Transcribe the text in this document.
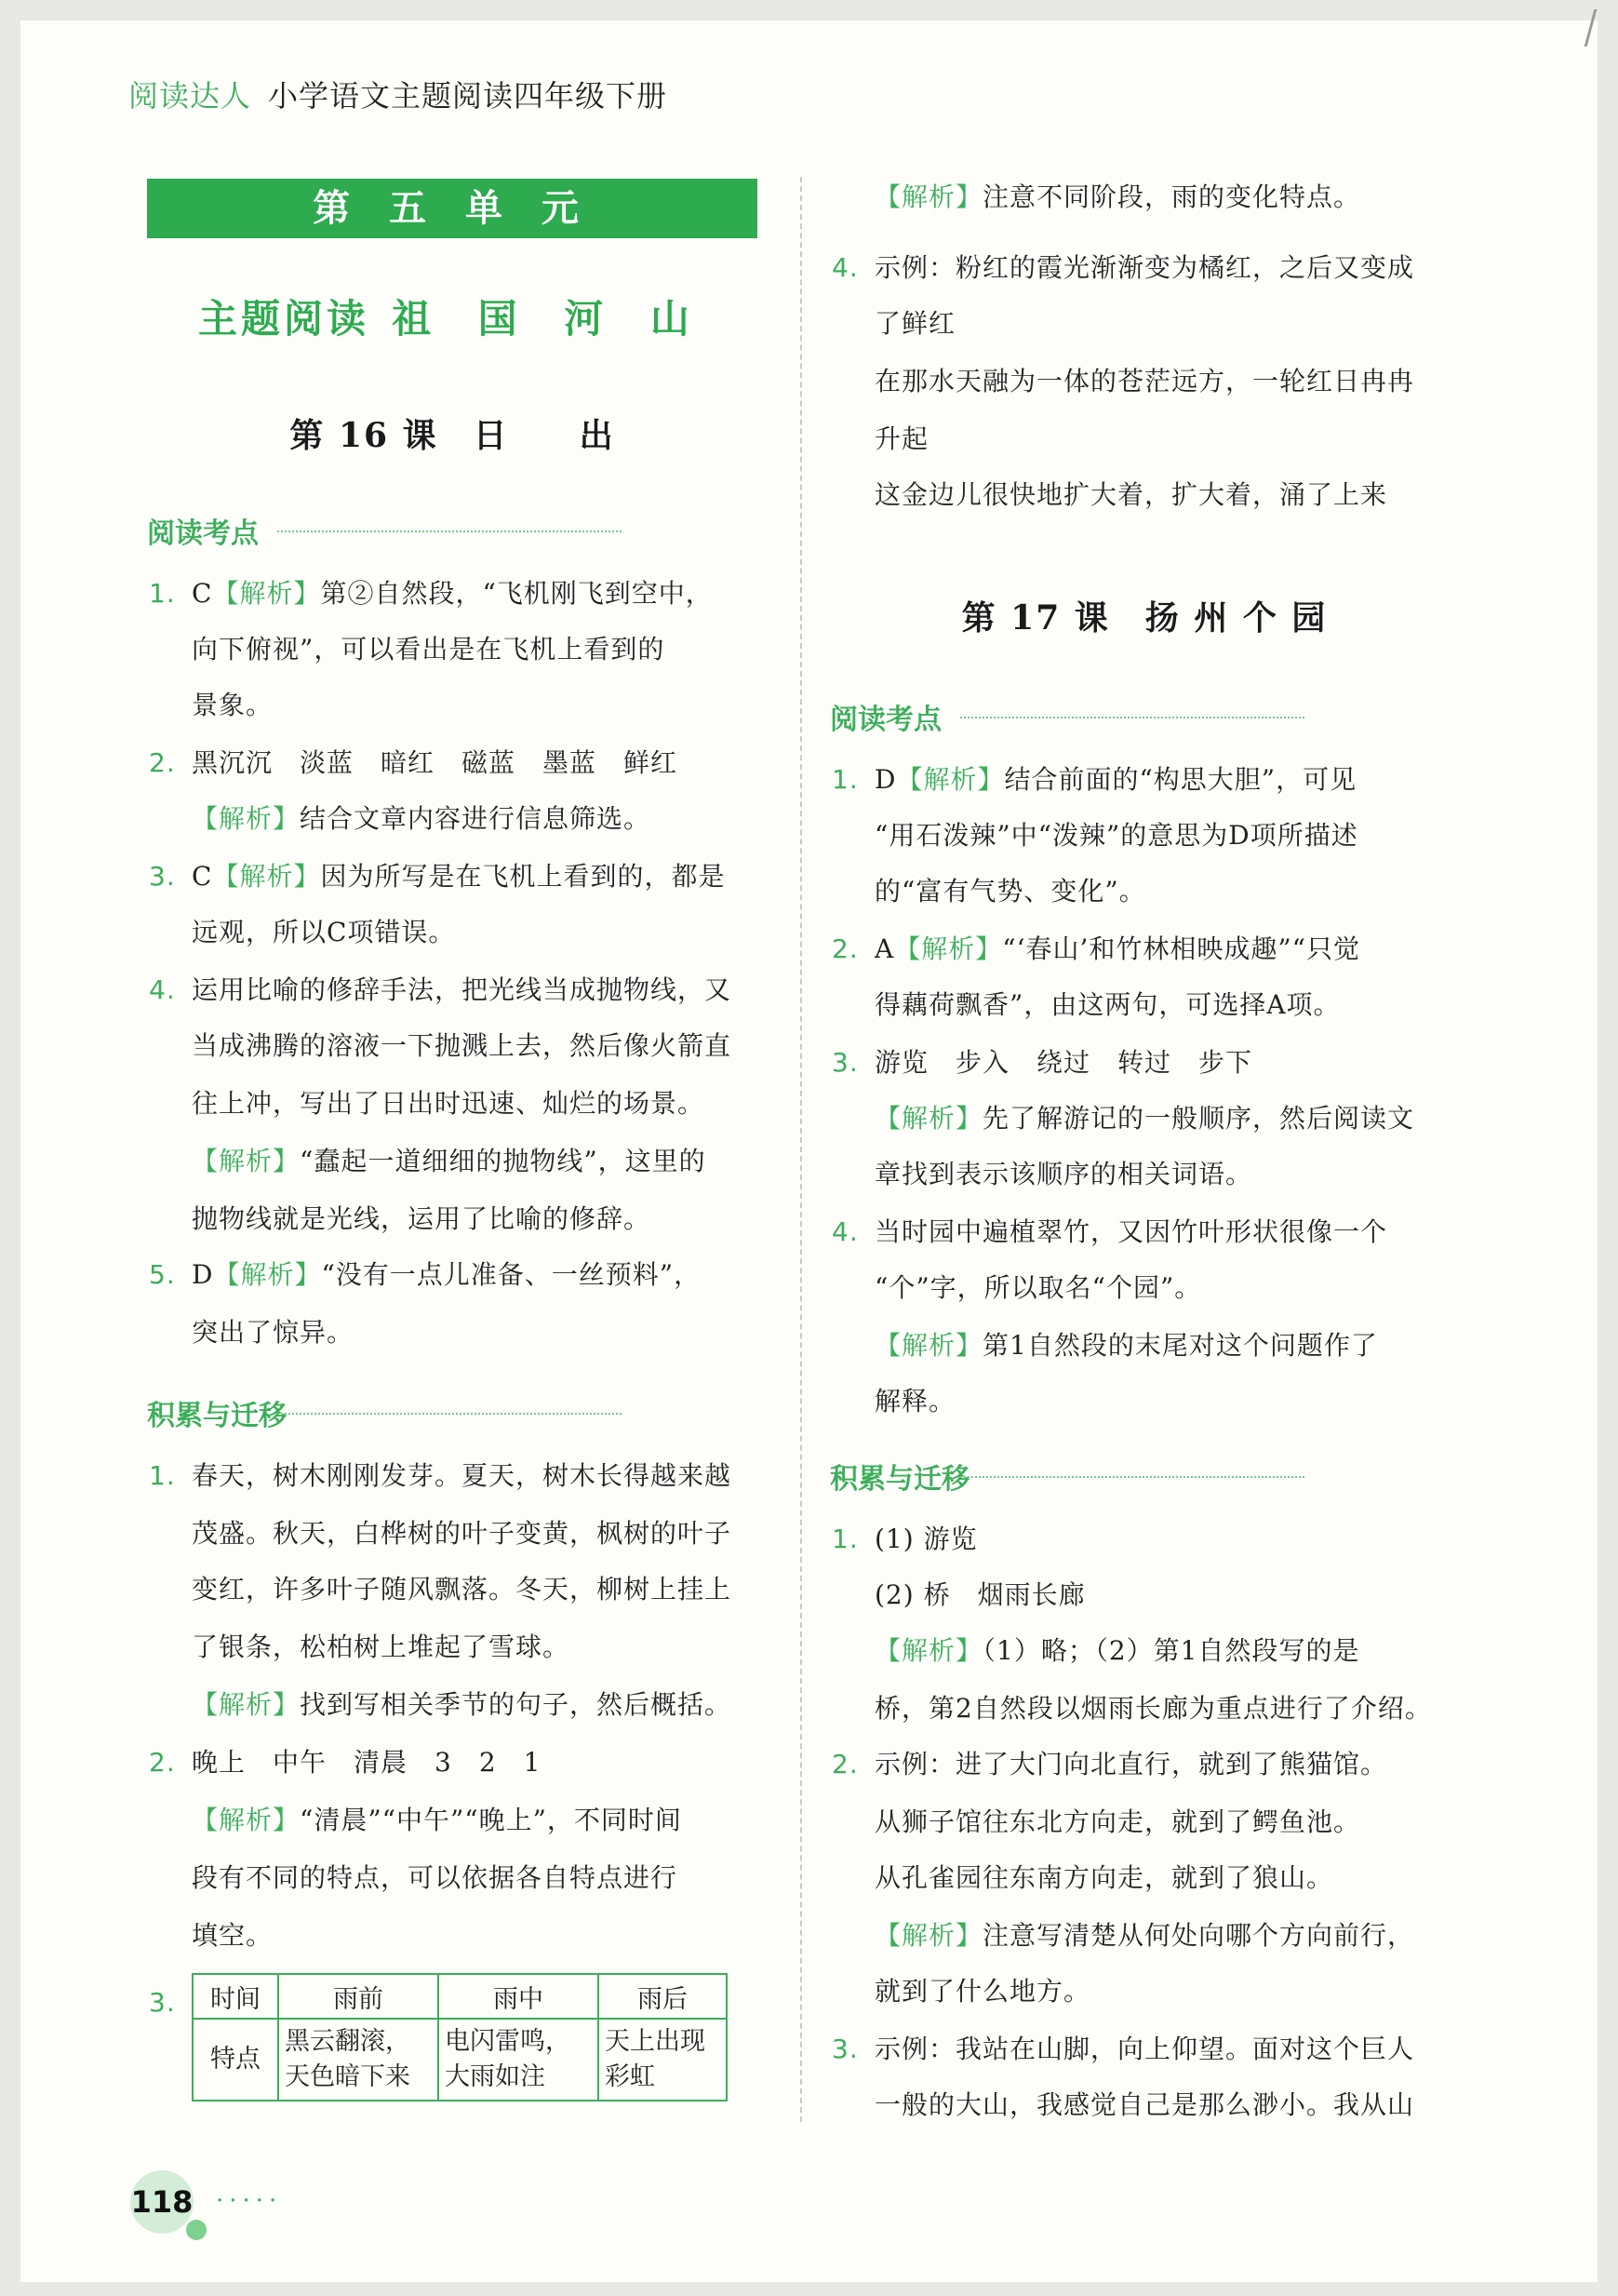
阅读达人 小学语文主题阅读四年级下册
第 五 单 元
主题阅读 祖 国 河 山
第 16 课　日　　出
第 17 课　扬 州 个 园
阅读考点
积累与迁移
阅读考点
积累与迁移
1. C【解析】第②自然段，“飞机刚飞到空中，
向下俯视”，可以看出是在飞机上看到的
景象。
2. 黑沉沉　淡蓝　暗红　磁蓝　墨蓝　鲜红
【解析】结合文章内容进行信息筛选。
3. C【解析】因为所写是在飞机上看到的，都是
远观，所以C项错误。
4. 运用比喻的修辞手法，把光线当成抛物线，又
当成沸腾的溶液一下抛溅上去，然后像火箭直
往上冲，写出了日出时迅速、灿烂的场景。
【解析】“蠢起一道细细的抛物线”，这里的
抛物线就是光线，运用了比喻的修辞。
5. D【解析】“没有一点儿准备、一丝预料”，
突出了惊异。
1. 春天，树木刚刚发芽。夏天，树木长得越来越
茂盛。秋天，白桦树的叶子变黄，枫树的叶子
变红，许多叶子随风飘落。冬天，柳树上挂上
了银条，松柏树上堆起了雪球。
【解析】找到写相关季节的句子，然后概括。
2. 晚上　中午　清晨　3　2　1
【解析】“清晨”“中午”“晚上”，不同时间
段有不同的特点，可以依据各自特点进行
填空。
3. 时间	雨前	雨中	雨后
特点	黑云翻滚，天色暗下来	电闪雷鸣，大雨如注	天上出现彩虹
【解析】注意不同阶段，雨的变化特点。
4. 示例：粉红的霞光渐渐变为橘红，之后又变成
了鲜红
在那水天融为一体的苍茫远方，一轮红日冉冉
升起
这金边儿很快地扩大着，扩大着，涌了上来
1. D【解析】结合前面的“构思大胆”，可见
“用石泼辣”中“泼辣”的意思为D项所描述
的“富有气势、变化”。
2. A【解析】“‘春山’和竹林相映成趣”“只觉
得藕荷飘香”，由这两句，可选择A项。
3. 游览　步入　绕过　转过　步下
【解析】先了解游记的一般顺序，然后阅读文
章找到表示该顺序的相关词语。
4. 当时园中遍植翠竹，又因竹叶形状很像一个
“个”字，所以取名“个园”。
【解析】第1自然段的末尾对这个问题作了
解释。
1. (1) 游览
(2) 桥　烟雨长廊
【解析】（1）略；（2）第1自然段写的是
桥，第2自然段以烟雨长廊为重点进行了介绍。
2. 示例：进了大门向北直行，就到了熊猫馆。
从狮子馆往东北方向走，就到了鳄鱼池。
从孔雀园往东南方向走，就到了狼山。
【解析】注意写清楚从何处向哪个方向前行，
就到了什么地方。
3. 示例：我站在山脚，向上仰望。面对这个巨人
一般的大山，我感觉自己是那么渺小。我从山
118 ·····
